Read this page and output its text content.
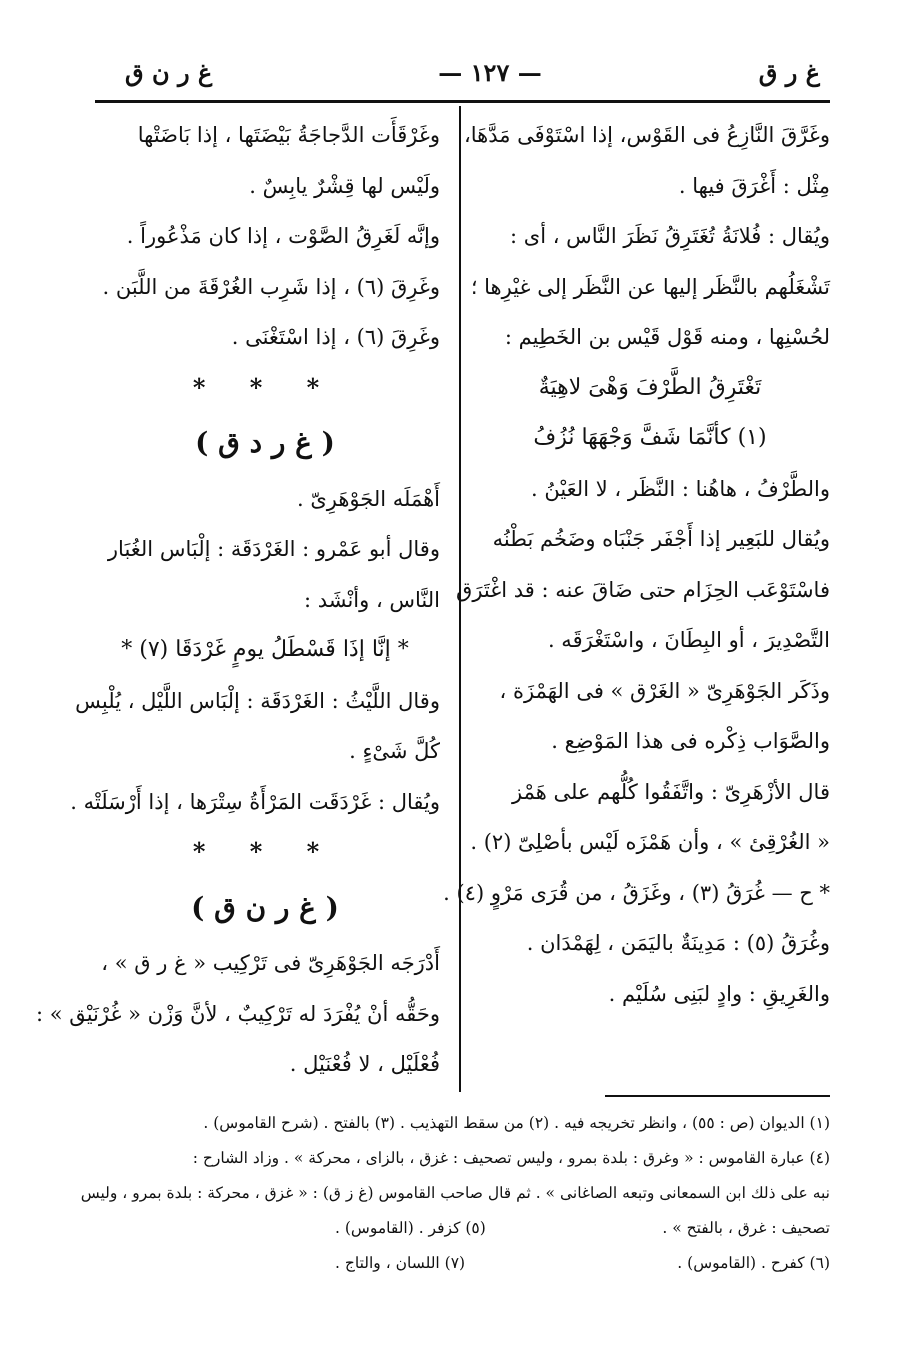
غ ر ق
— ١٢٧ —
غ ر ن ق
وغَرَّقَ النَّازِعُ فى القَوْس، إذا اسْتَوْفَى مَدَّهَا،
مِثْل : أَغْرَقَ فيها .
ويُقال : فُلانَةُ تُغَتَرِقُ نَظَرَ النَّاس ، أى :
تَشْغَلُهم بالنَّظَر إليها عن النَّظَر إلى غيْرِها ؛
لحُسْنِها ، ومنه قَوْل قَيْس بن الخَطِيم :
تَغْتَرِقُ الطَّرْفَ وَهْىَ لاهِيَةٌ
(١) كأنَّمَا شَفَّ وَجْهَهَا نُزُفُ
والطَّرْفُ ، هاهُنا : النَّظَر ، لا العَيْنُ .
ويُقال للبَعِير إذا أَجْفَر جَنْبَاه وضَخُم بَطْنُه
فاسْتَوْعَب الحِزَام حتى ضَاقَ عنه : قد اغْتَرَق
التَّصْدِيرَ ، أو البِطَانَ ، واسْتَغْرَقَه .
وذَكَر الجَوْهَرِىّ « الغَرْق » فى الهَمْزَة ،
والصَّوَاب ذِكْره فى هذا المَوْضِع .
قال الأزْهَرِىّ : واتَّفَقُوا كُلُّهم على هَمْز
« الغُرْقِئ » ، وأن هَمْزَه لَيْس بأصْلِىّ (٢) .
* ح — غُرَقُ (٣) ، وغَزَقُ ، من قُرَى مَرْوٍ (٤) .
وغُرَقُ (٥) : مَدِينَةٌ باليَمَن ، لِهَمْدَان .
والغَرِيقِ : وادٍ لبَنِى سُلَيْم .
وغَرْقَأَت الدَّجاجَةُ بَيْضَتَها ، إذا بَاضَتْها
ولَيْس لها قِشْرٌ يابِسٌ .
وإنَّه لَغَرِقُ الصَّوْت ، إذا كان مَذْعُوراً .
وغَرِقَ (٦) ، إذا شَرِب الغُرْقَةَ من اللَّبَن .
وغَرِقَ (٦) ، إذا اسْتَغْنَى .
* * *
( غ ر د ق )
أَهْمَلَه الجَوْهَرِىّ .
وقال أبو عَمْرو : الغَرْدَقَة : إلْبَاس الغُبَار
النَّاس ، وأنْشَد :
* إنَّا إذَا قَسْطَلُ يومٍ غَرْدَقَا (٧) *
وقال اللَّيْثُ : الغَرْدَقَة : إلْبَاس اللَّيْل ، يُلْبِس
كُلَّ شَىْءٍ .
ويُقال : غَرْدَقَت المَرْأَةُ سِتْرَها ، إذا أَرْسَلَتْه .
* * *
( غ ر ن ق )
أَدْرَجَه الجَوْهَرِىّ فى تَرْكِيب « غ ر ق » ،
وحَقُّه أنْ يُفْرَدَ له تَرْكِيبٌ ، لأنَّ وَزْن « غُرْنَيْق » :
فُعْلَيْل ، لا فُعْنَيْل .
(١) الديوان (ص : ٥٥) ، وانظر تخريجه فيه . (٢) من سقط التهذيب . (٣) بالفتح . (شرح القاموس) .
(٤) عبارة القاموس : « وغرق : بلدة بمرو ، وليس تصحيف : غزق ، بالزاى ، محركة » . وزاد الشارح :
نبه على ذلك ابن السمعانى وتبعه الصاغانى » . ثم قال صاحب القاموس (غ ز ق) : « غزق ، محركة : بلدة بمرو ، وليس
تصحيف : غرق ، بالفتح » .
(٥) كزفر . (القاموس) .
(٦) كفرح . (القاموس) .
(٧) اللسان ، والتاج .
